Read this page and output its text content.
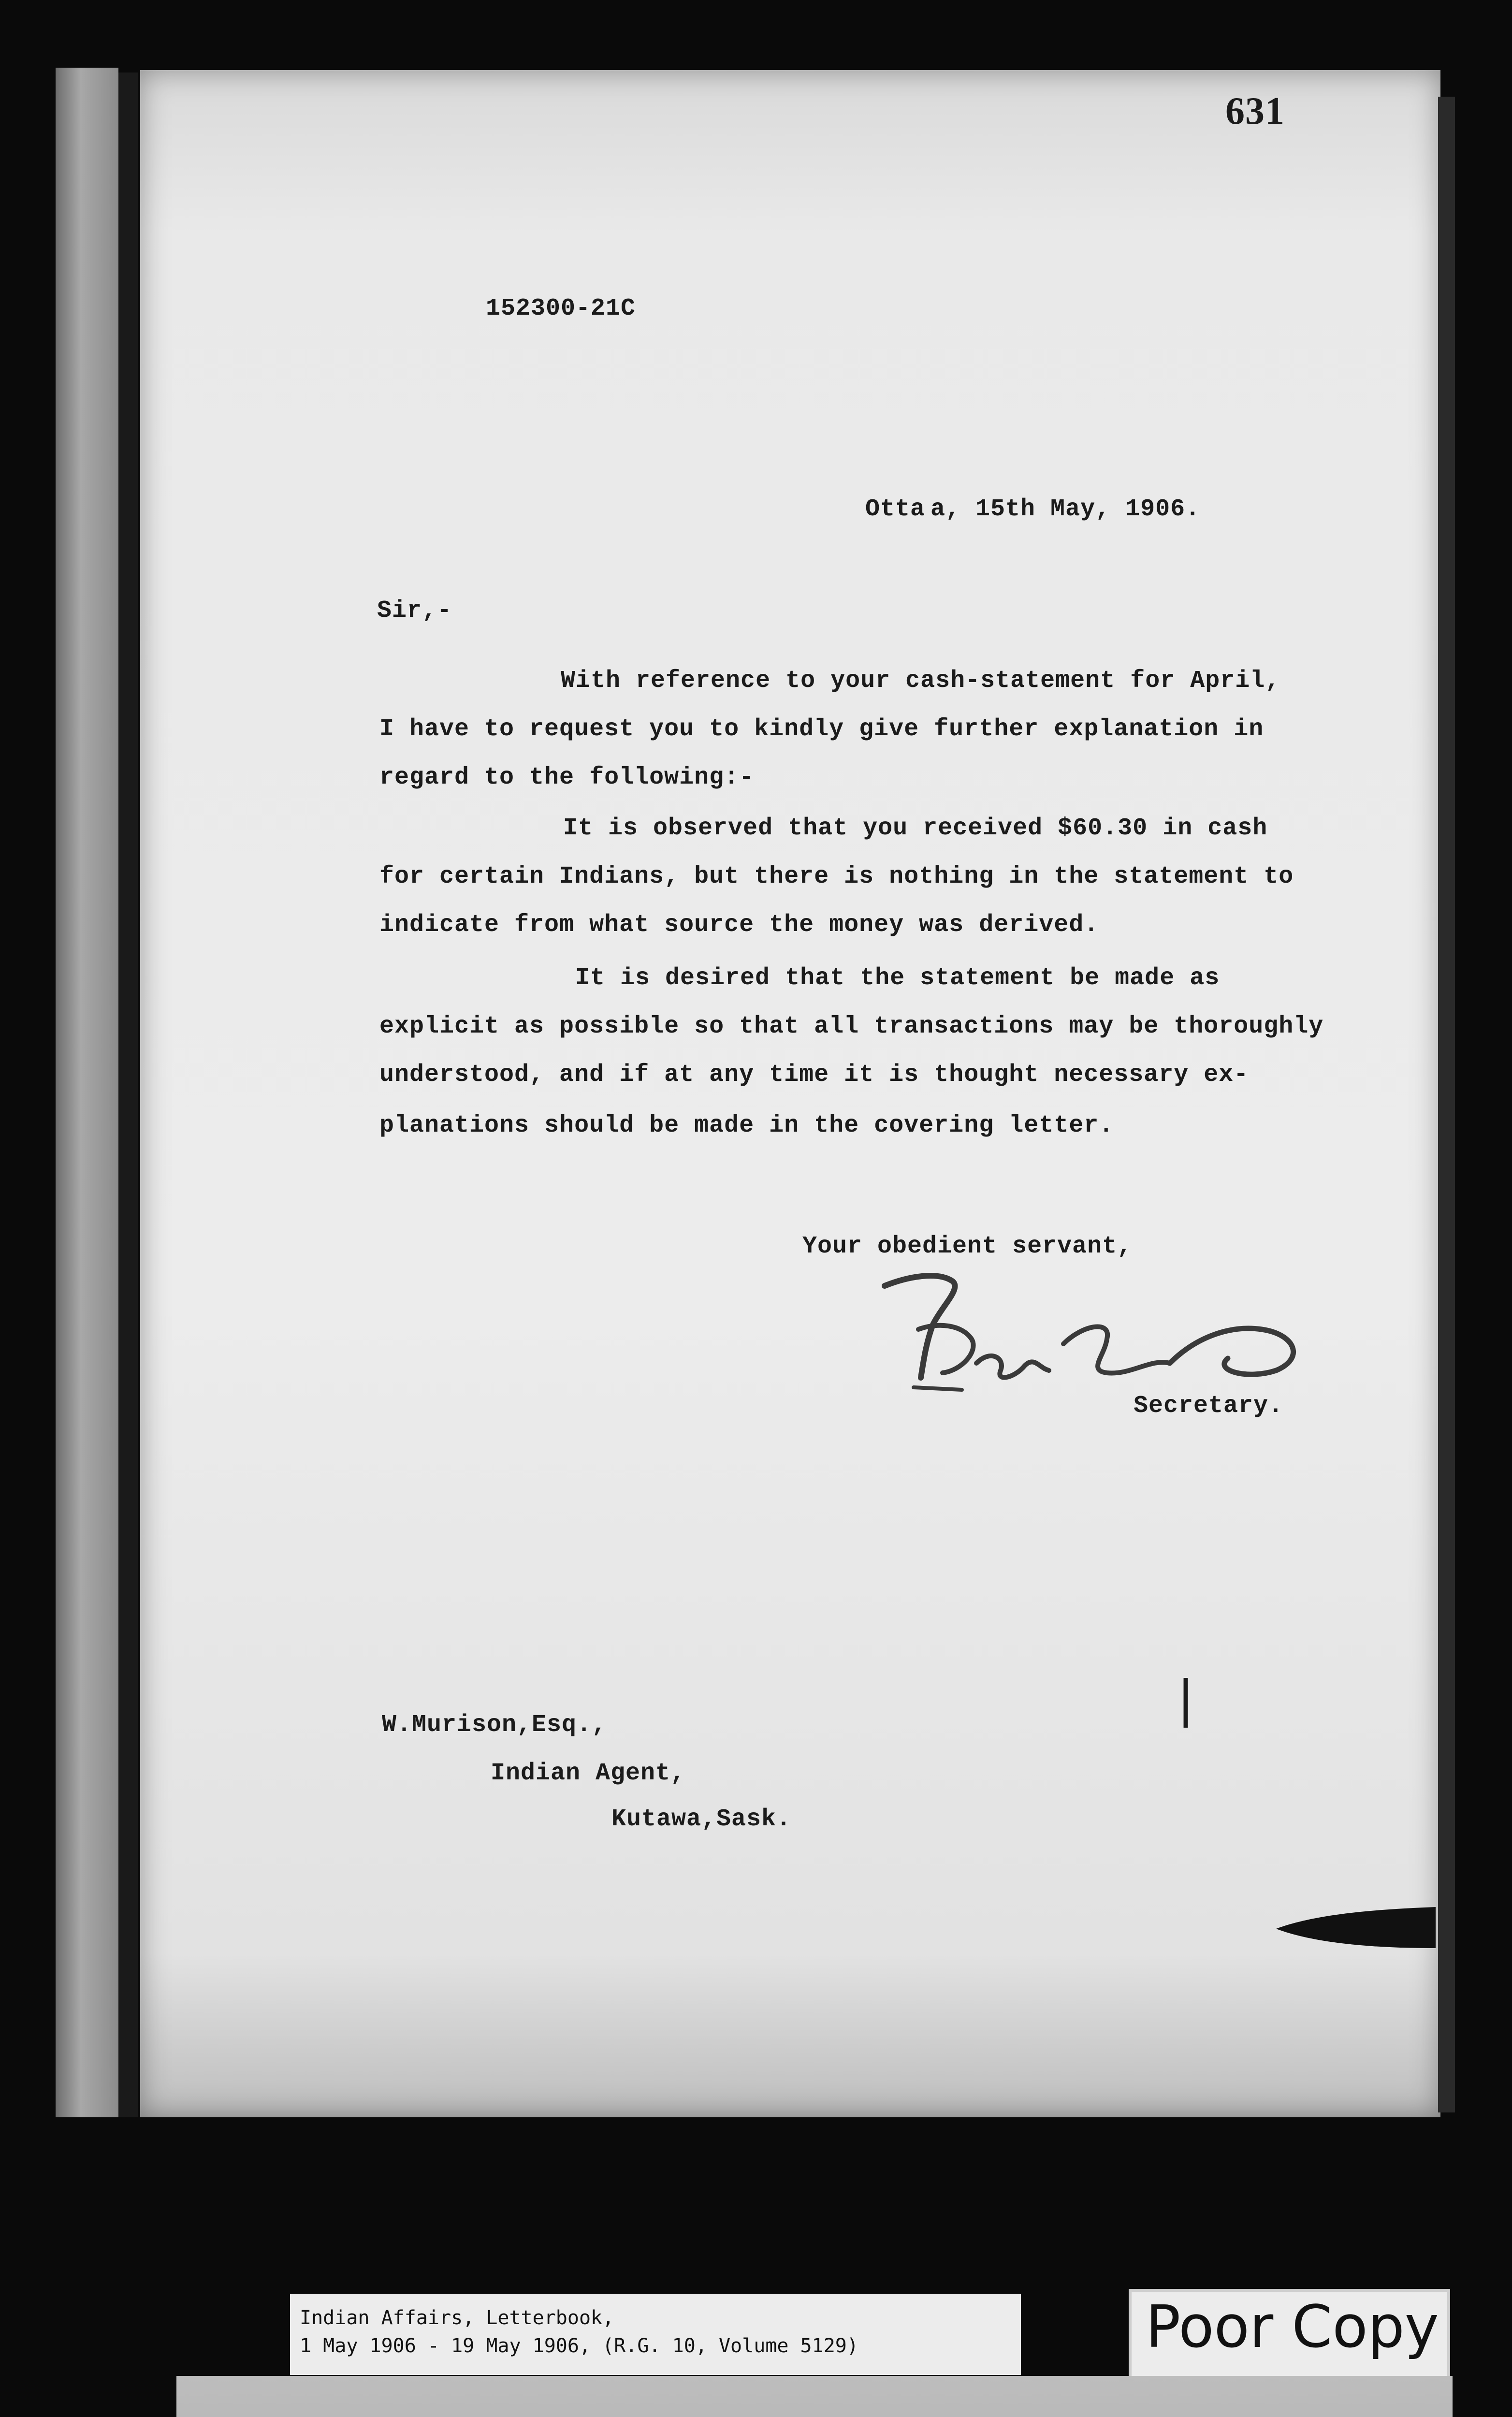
631
152300-21C
Otta a, 15th May, 1906.
Sir,-
With reference to your cash-statement for April,
I have to request you to kindly give further explanation in
regard to the following:-
It is observed that you received $60.30 in cash
for certain Indians, but there is nothing in the statement to
indicate from what source the money was derived.
It is desired that the statement be made as
explicit as possible so that all transactions may be thoroughly
understood, and if at any time it is thought necessary ex-
planations should be made in the covering letter.
Your obedient servant,
Secretary.
|
W.Murison,Esq.,
Indian Agent,
Kutawa,Sask.
Indian Affairs, Letterbook,
1 May 1906 - 19 May 1906, (R.G. 10, Volume 5129)	Poor Copy
